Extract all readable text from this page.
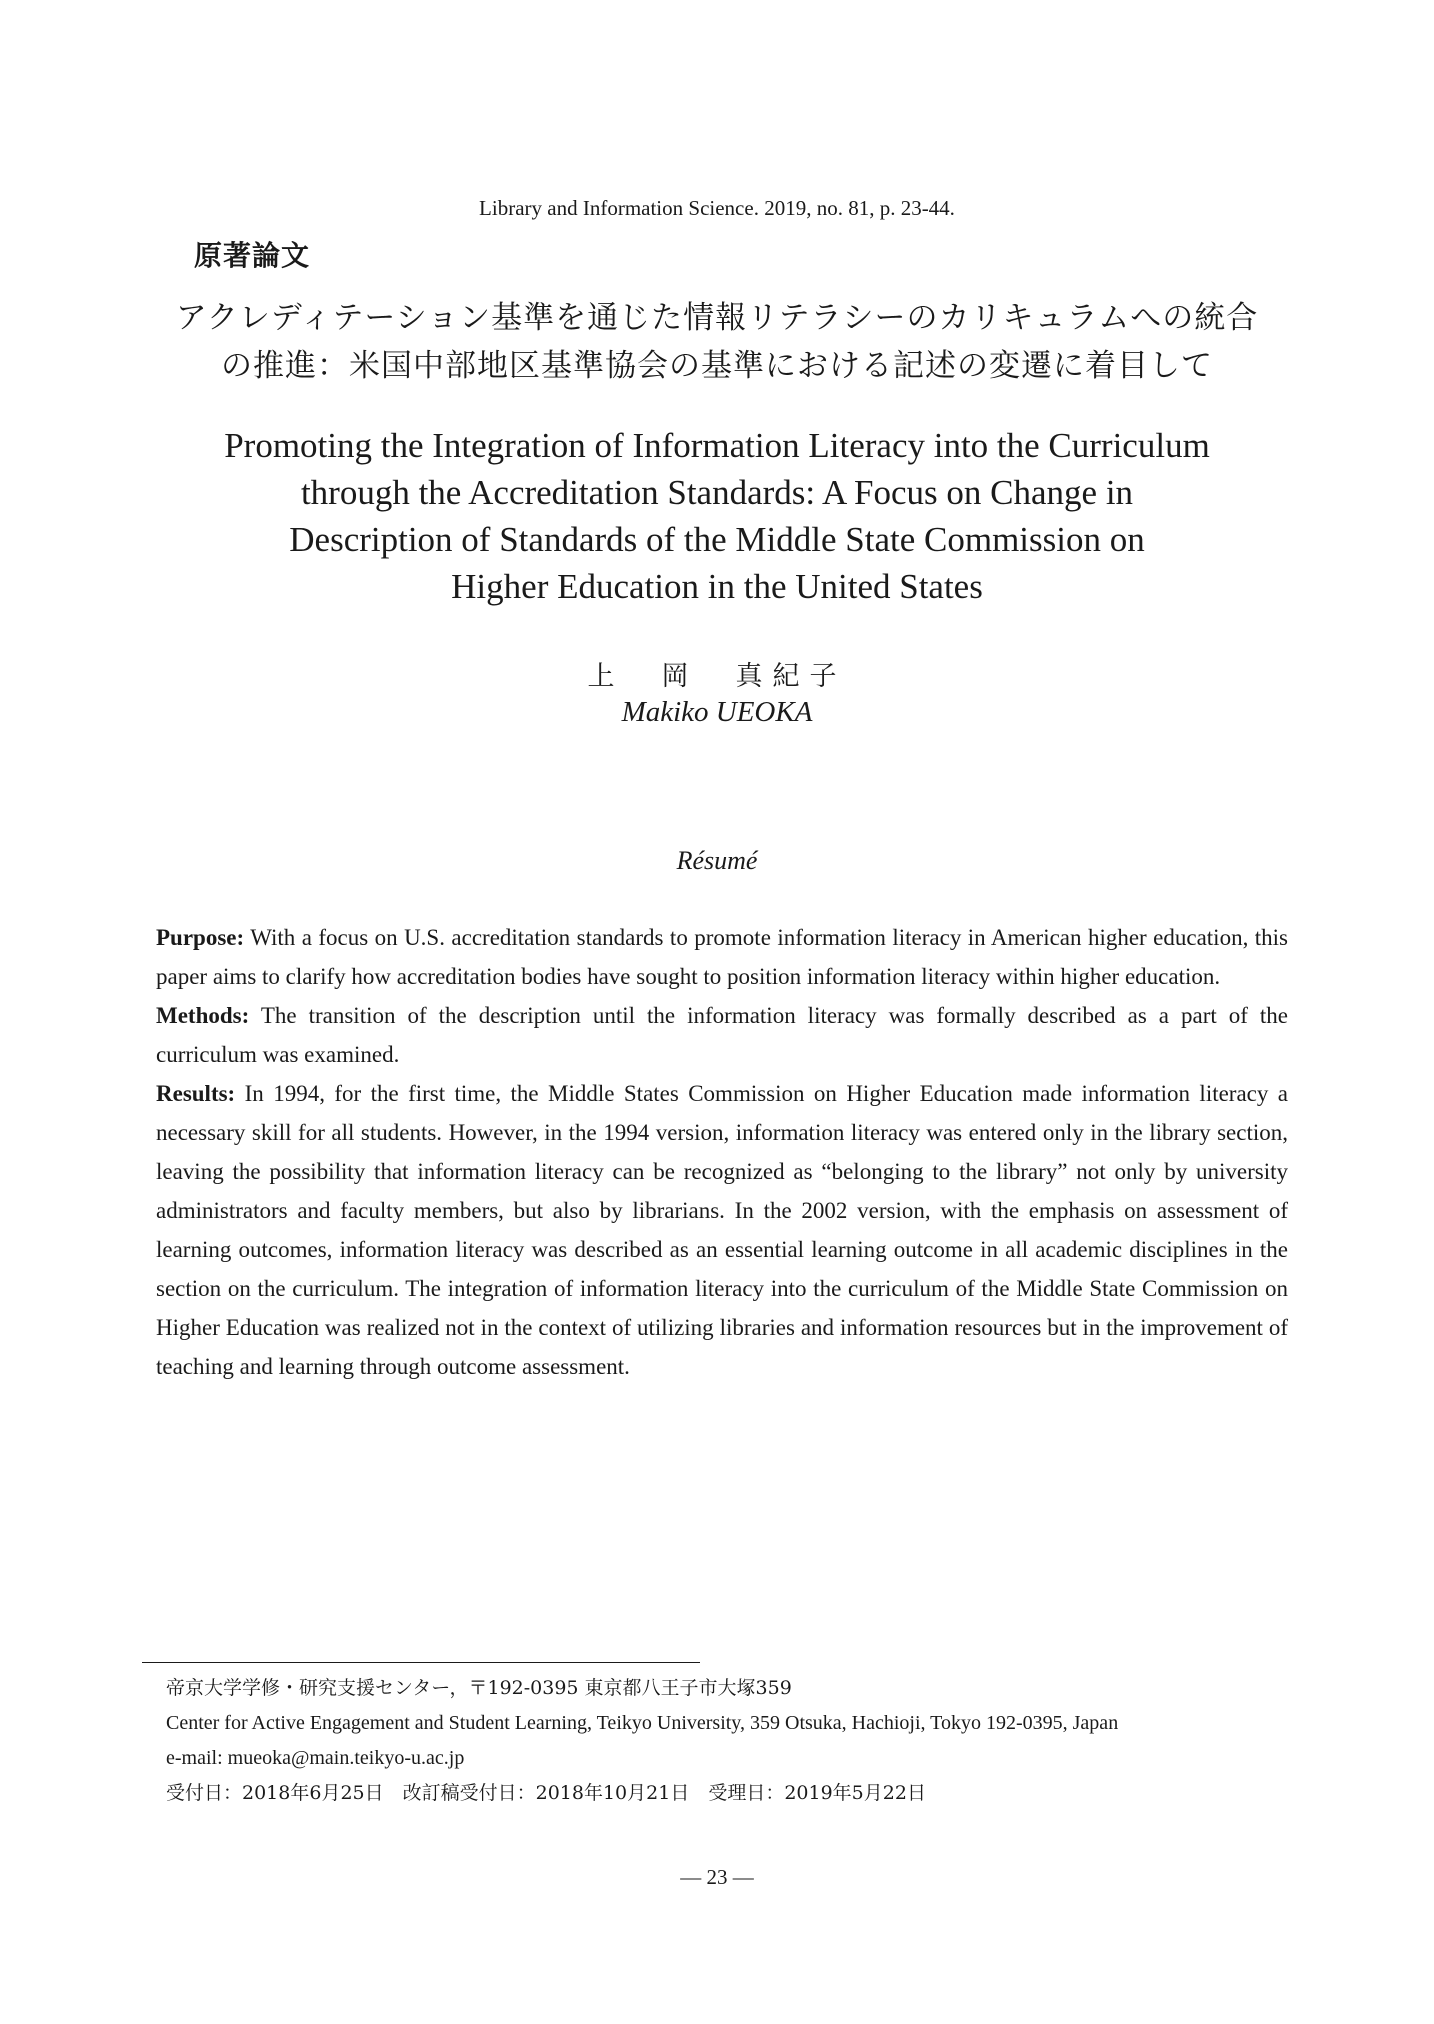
Library and Information Science. 2019, no. 81, p. 23-44.
原著論文
アクレディテーション基準を通じた情報リテラシーのカリキュラムへの統合
の推進：米国中部地区基準協会の基準における記述の変遷に着目して
Promoting the Integration of Information Literacy into the Curriculum
through the Accreditation Standards: A Focus on Change in
Description of Standards of the Middle State Commission on
Higher Education in the United States
上　岡　真紀子
Makiko UEOKA
Résumé

Purpose: With a focus on U.S. accreditation standards to promote information literacy in American higher education, this paper aims to clarify how accreditation bodies have sought to position information literacy within higher education.

Methods: The transition of the description until the information literacy was formally described as a part of the curriculum was examined.

Results: In 1994, for the first time, the Middle States Commission on Higher Education made information literacy a necessary skill for all students. However, in the 1994 version, information literacy was entered only in the library section, leaving the possibility that information literacy can be recognized as “belonging to the library” not only by university administrators and faculty members, but also by librarians. In the 2002 version, with the emphasis on assessment of learning outcomes, information literacy was described as an essential learning outcome in all academic disciplines in the section on the curriculum. The integration of information literacy into the curriculum of the Middle State Commission on Higher Education was realized not in the context of utilizing libraries and information resources but in the improvement of teaching and learning through outcome assessment.

帝京大学学修・研究支援センター，〒192-0395 東京都八王子市大塚359

Center for Active Engagement and Student Learning, Teikyo University, 359 Otsuka, Hachioji, Tokyo 192-0395, Japan

e-mail: mueoka@main.teikyo-u.ac.jp

受付日：2018年6月25日　改訂稿受付日：2018年10月21日　受理日：2019年5月22日

— 23 —
